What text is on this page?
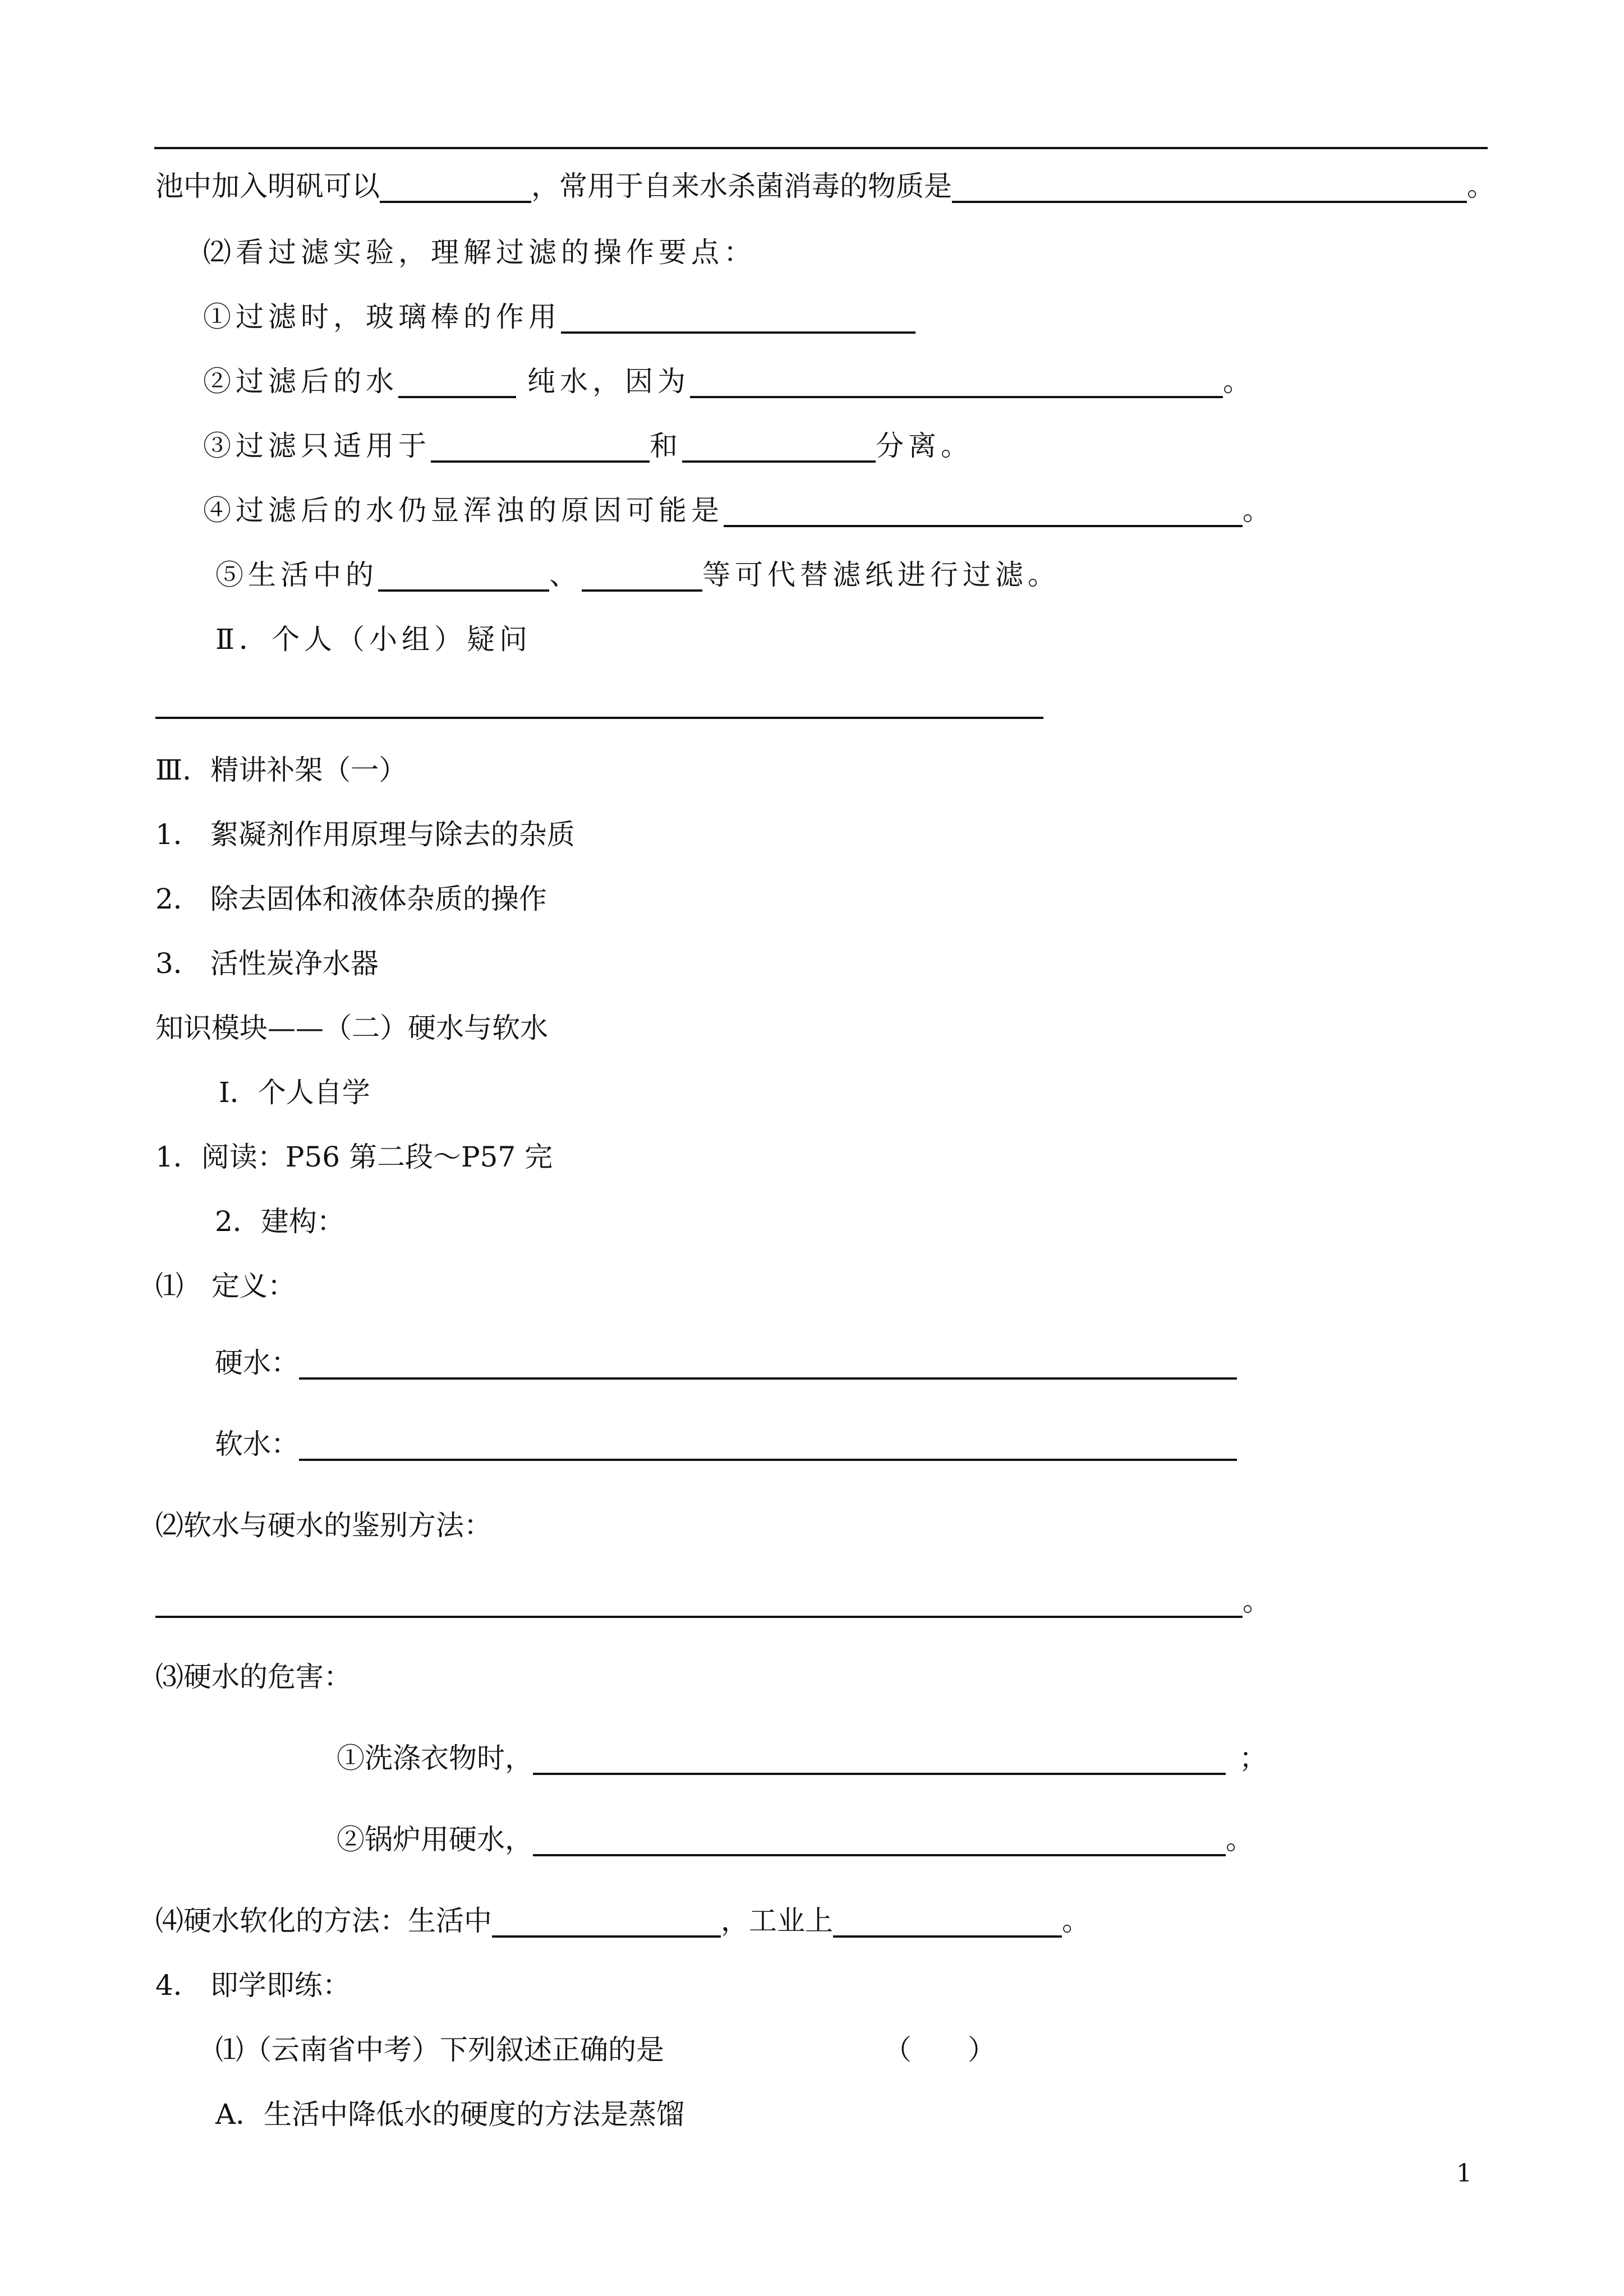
池中加入明矾可以	，常用于自来水杀菌消毒的物质是	。
⑵看过滤实验，理解过滤的操作要点：
①过滤时，玻璃棒的作用
②过滤后的水	纯水，因为	。
③过滤只适用于	和	分离。
④过滤后的水仍显浑浊的原因可能是	。
⑤生活中的	、	等可代替滤纸进行过滤。
Ⅱ．个人（小组）疑问
Ⅲ．精讲补架（一）
1． 絮凝剂作用原理与除去的杂质
2． 除去固体和液体杂质的操作
3． 活性炭净水器
知识模块——（二）硬水与软水
Ⅰ．个人自学
1．阅读：P56 第二段～P57 完
2．建构：
⑴　定义：
硬水：
软水：
⑵软水与硬水的鉴别方法：
。
⑶硬水的危害：
①洗涤衣物时，	；
②锅炉用硬水，	。
⑷硬水软化的方法：生活中	，工业上	。
4． 即学即练：
⑴（云南省中考）下列叙述正确的是	（　　）
A．生活中降低水的硬度的方法是蒸馏
1
